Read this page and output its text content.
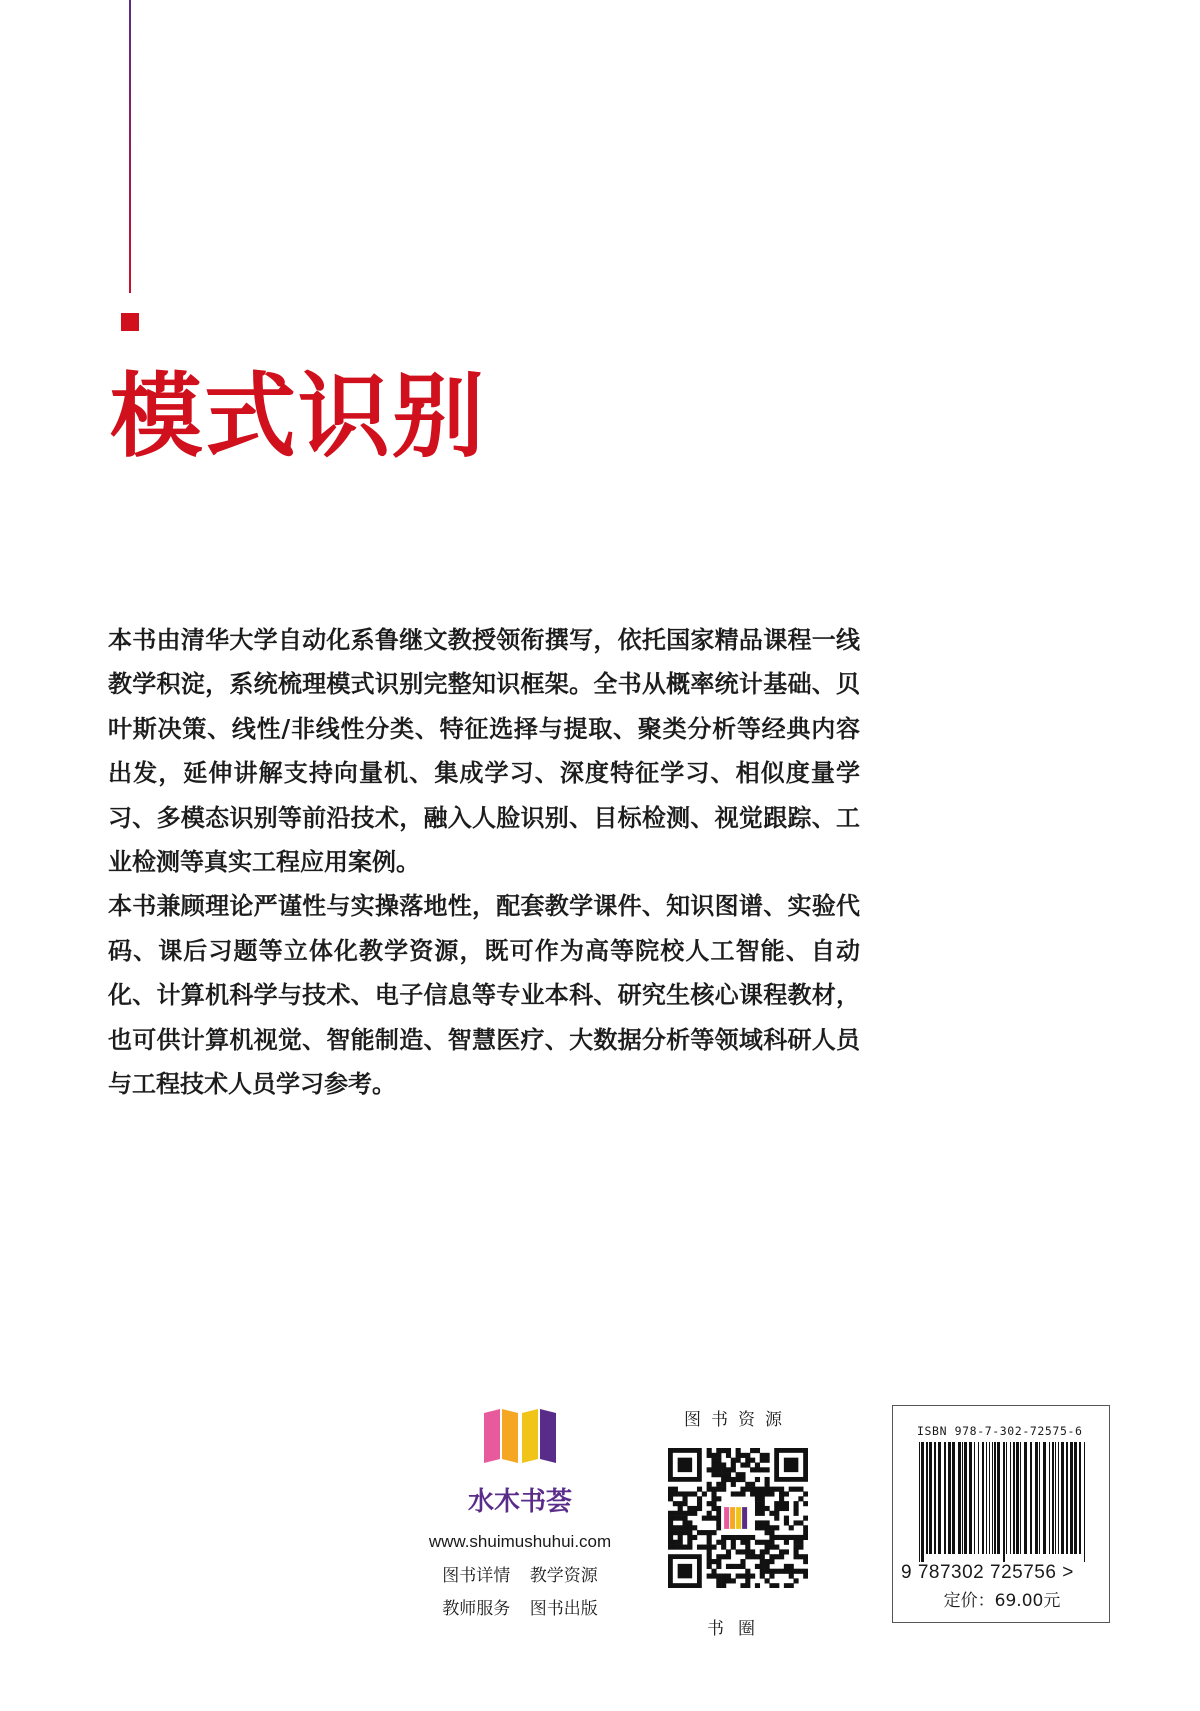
模式识别

本书由清华大学自动化系鲁继文教授领衔撰写，依托国家精品课程一线教学积淀，系统梳理模式识别完整知识框架。全书从概率统计基础、贝叶斯决策、线性/非线性分类、特征选择与提取、聚类分析等经典内容出发，延伸讲解支持向量机、集成学习、深度特征学习、相似度量学习、多模态识别等前沿技术，融入人脸识别、目标检测、视觉跟踪、工业检测等真实工程应用案例。

本书兼顾理论严谨性与实操落地性，配套教学课件、知识图谱、实验代码、课后习题等立体化教学资源，既可作为高等院校人工智能、自动化、计算机科学与技术、电子信息等专业本科、研究生核心课程教材，也可供计算机视觉、智能制造、智慧医疗、大数据分析等领域科研人员与工程技术人员学习参考。

水木书荟
www.shuimushuhui.com
图书详情 教学资源
教师服务 图书出版
图书资源
书圈
ISBN 978-7-302-72575-6
9 787302 725756 >
定价：69.00元
